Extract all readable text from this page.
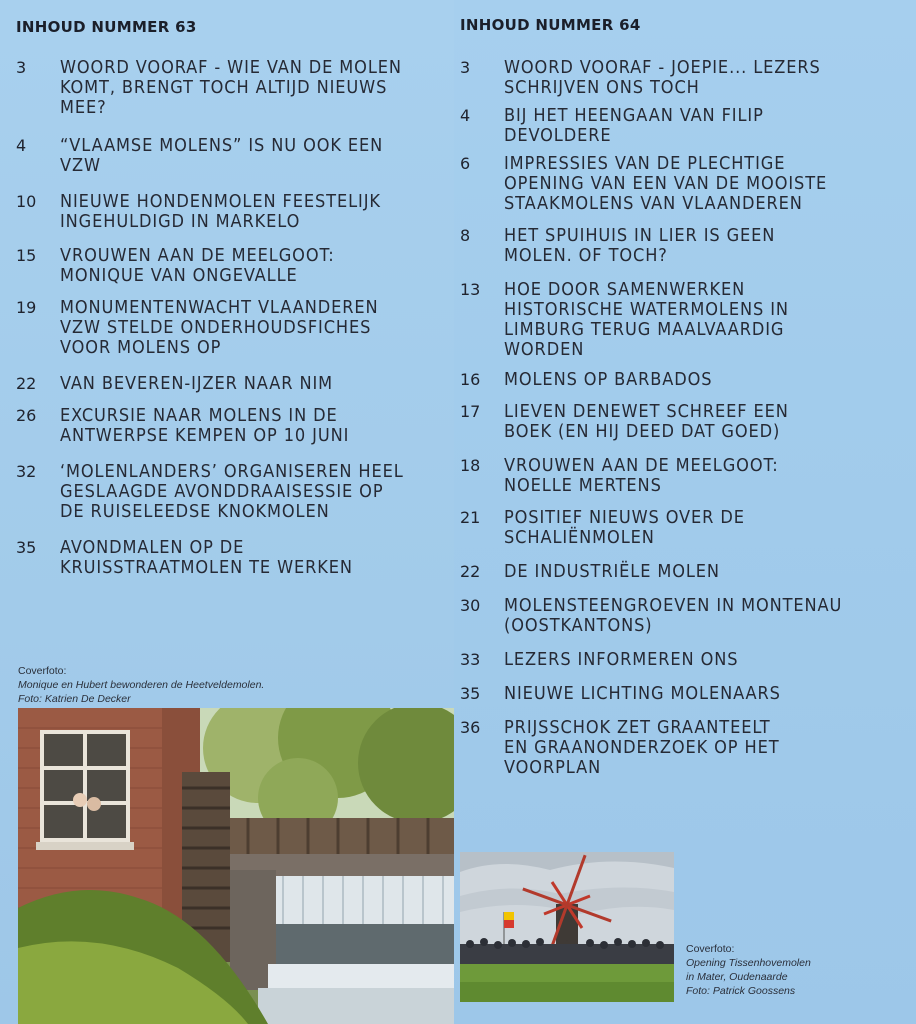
INHOUD NUMMER 63
3 WOORD VOORAF - WIE VAN DE MOLEN
KOMT, BRENGT TOCH ALTIJD NIEUWS
MEE?
4 “VLAAMSE MOLENS” IS NU OOK EEN
VZW
10 NIEUWE HONDENMOLEN FEESTELIJK
INGEHULDIGD IN MARKELO
15 VROUWEN AAN DE MEELGOOT:
MONIQUE VAN ONGEVALLE
19 MONUMENTENWACHT VLAANDEREN
VZW STELDE ONDERHOUDSFICHES
VOOR MOLENS OP
22 VAN BEVEREN-IJZER NAAR NIM
26 EXCURSIE NAAR MOLENS IN DE
ANTWERPSE KEMPEN OP 10 JUNI
32 ‘MOLENLANDERS’ ORGANISEREN HEEL
GESLAAGDE AVONDDRAAISESSIE OP
DE RUISELEEDSE KNOKMOLEN
35 AVONDMALEN OP DE
KRUISSTRAATMOLEN TE WERKEN
Coverfoto:
Monique en Hubert bewonderen de Heetveldemolen.
Foto: Katrien De Decker
INHOUD NUMMER 64
3 WOORD VOORAF - JOEPIE... LEZERS
SCHRIJVEN ONS TOCH
4 BIJ HET HEENGAAN VAN FILIP
DEVOLDERE
6 IMPRESSIES VAN DE PLECHTIGE
OPENING VAN EEN VAN DE MOOISTE
STAAKMOLENS VAN VLAANDEREN
8 HET SPUIHUIS IN LIER IS GEEN
MOLEN. OF TOCH?
13 HOE DOOR SAMENWERKEN
HISTORISCHE WATERMOLENS IN
LIMBURG TERUG MAALVAARDIG
WORDEN
16 MOLENS OP BARBADOS
17 LIEVEN DENEWET SCHREEF EEN
BOEK (EN HIJ DEED DAT GOED)
18 VROUWEN AAN DE MEELGOOT:
NOELLE MERTENS
21 POSITIEF NIEUWS OVER DE
SCHALIËNMOLEN
22 DE INDUSTRIËLE MOLEN
30 MOLENSTEENGROEVEN IN MONTENAU
(OOSTKANTONS)
33 LEZERS INFORMEREN ONS
35 NIEUWE LICHTING MOLENAARS
36 PRIJSSCHOK ZET GRAANTEELT
EN GRAANONDERZOEK OP HET
VOORPLAN
Coverfoto:
Opening Tissenhovemolen
in Mater, Oudenaarde
Foto: Patrick Goossens
